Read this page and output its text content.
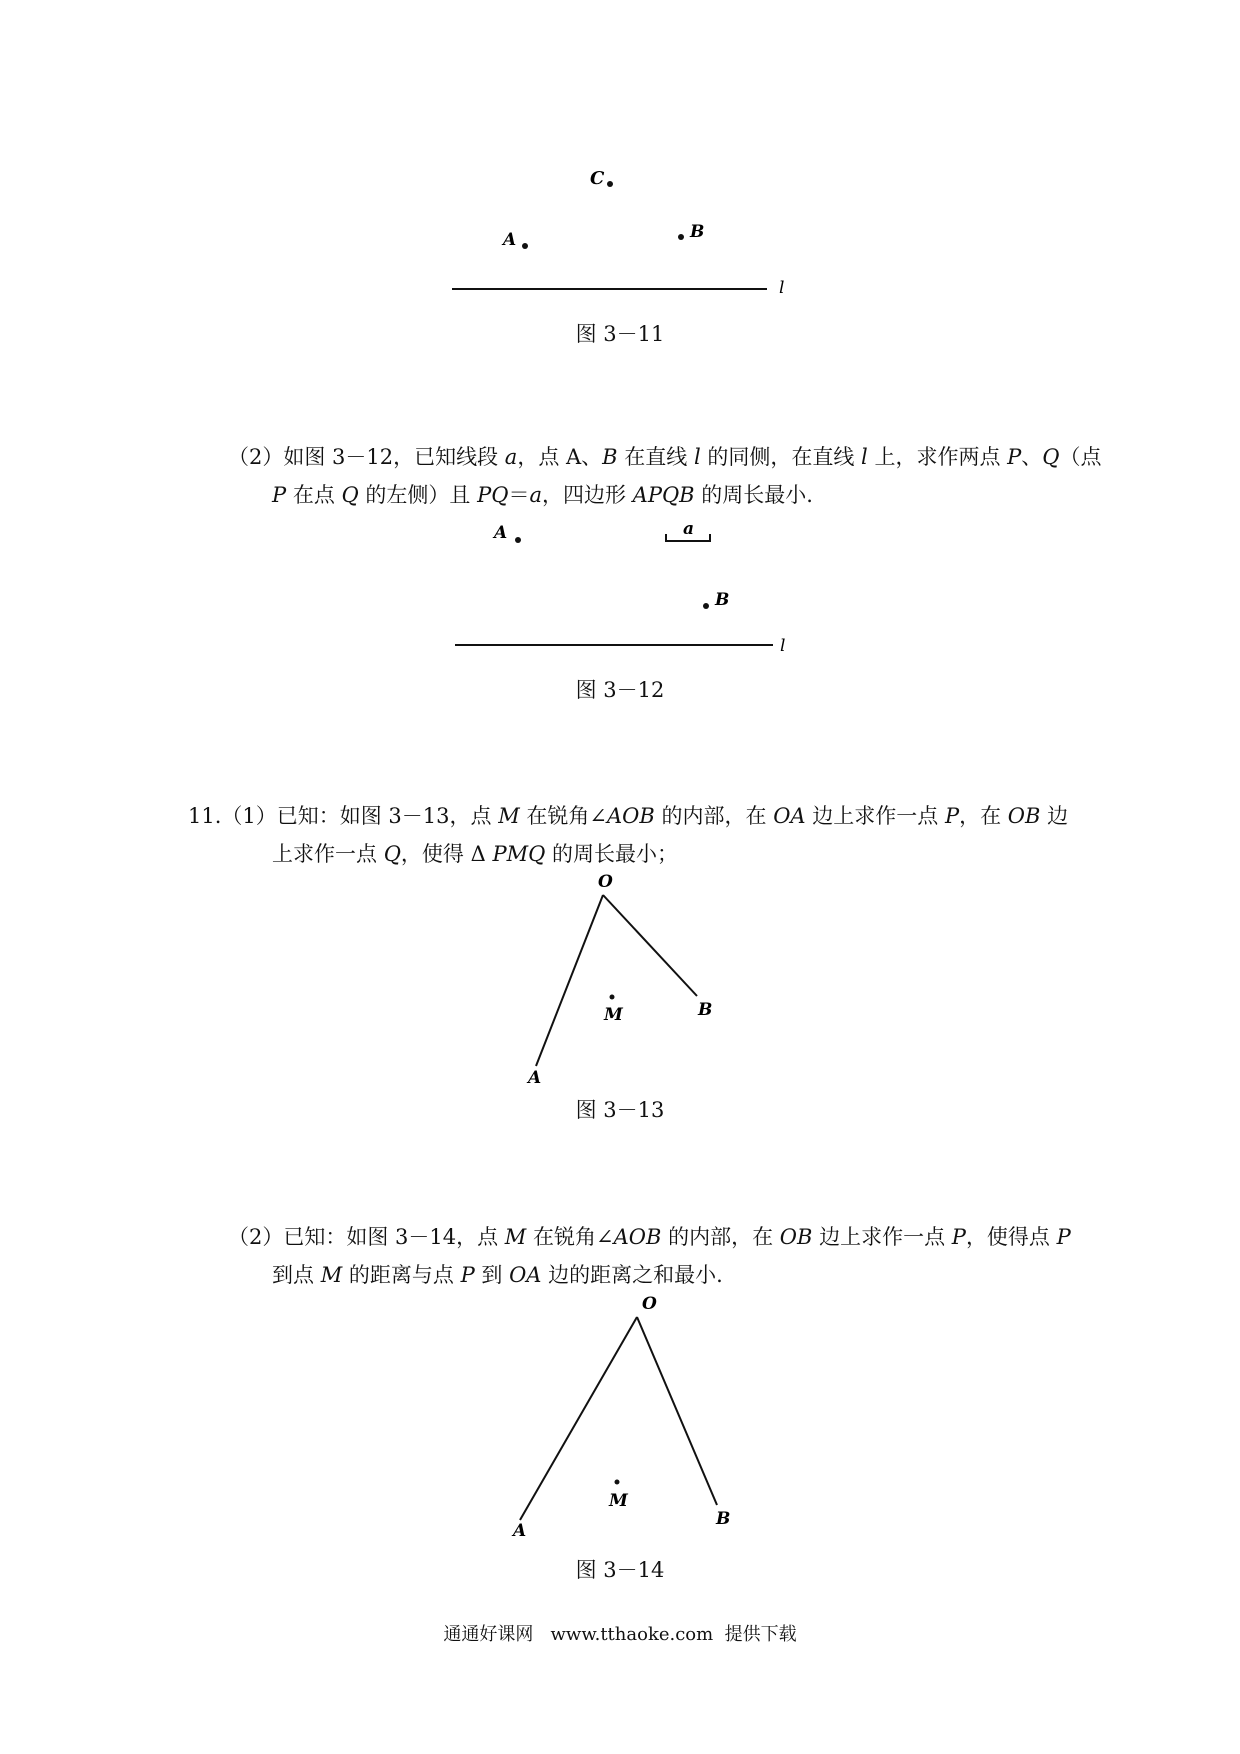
C
A	B
l
图 3－11
（2）如图 3－12，已知线段 a，点 A、B 在直线 l 的同侧，在直线 l 上，求作两点 P、Q（点
P 在点 Q 的左侧）且 PQ＝a，四边形 APQB 的周长最小.
A	a
B
l
图 3－12
11.（1）已知：如图 3－13，点 M 在锐角∠AOB 的内部，在 OA 边上求作一点 P，在 OB 边
上求作一点 Q，使得 Δ PMQ 的周长最小；
O
M	B
A
图 3－13
（2）已知：如图 3－14，点 M 在锐角∠AOB 的内部，在 OB 边上求作一点 P，使得点 P
到点 M 的距离与点 P 到 OA 边的距离之和最小.
O
M
A
B
图 3－14
通通好课网   www.tthaoke.com  提供下载
